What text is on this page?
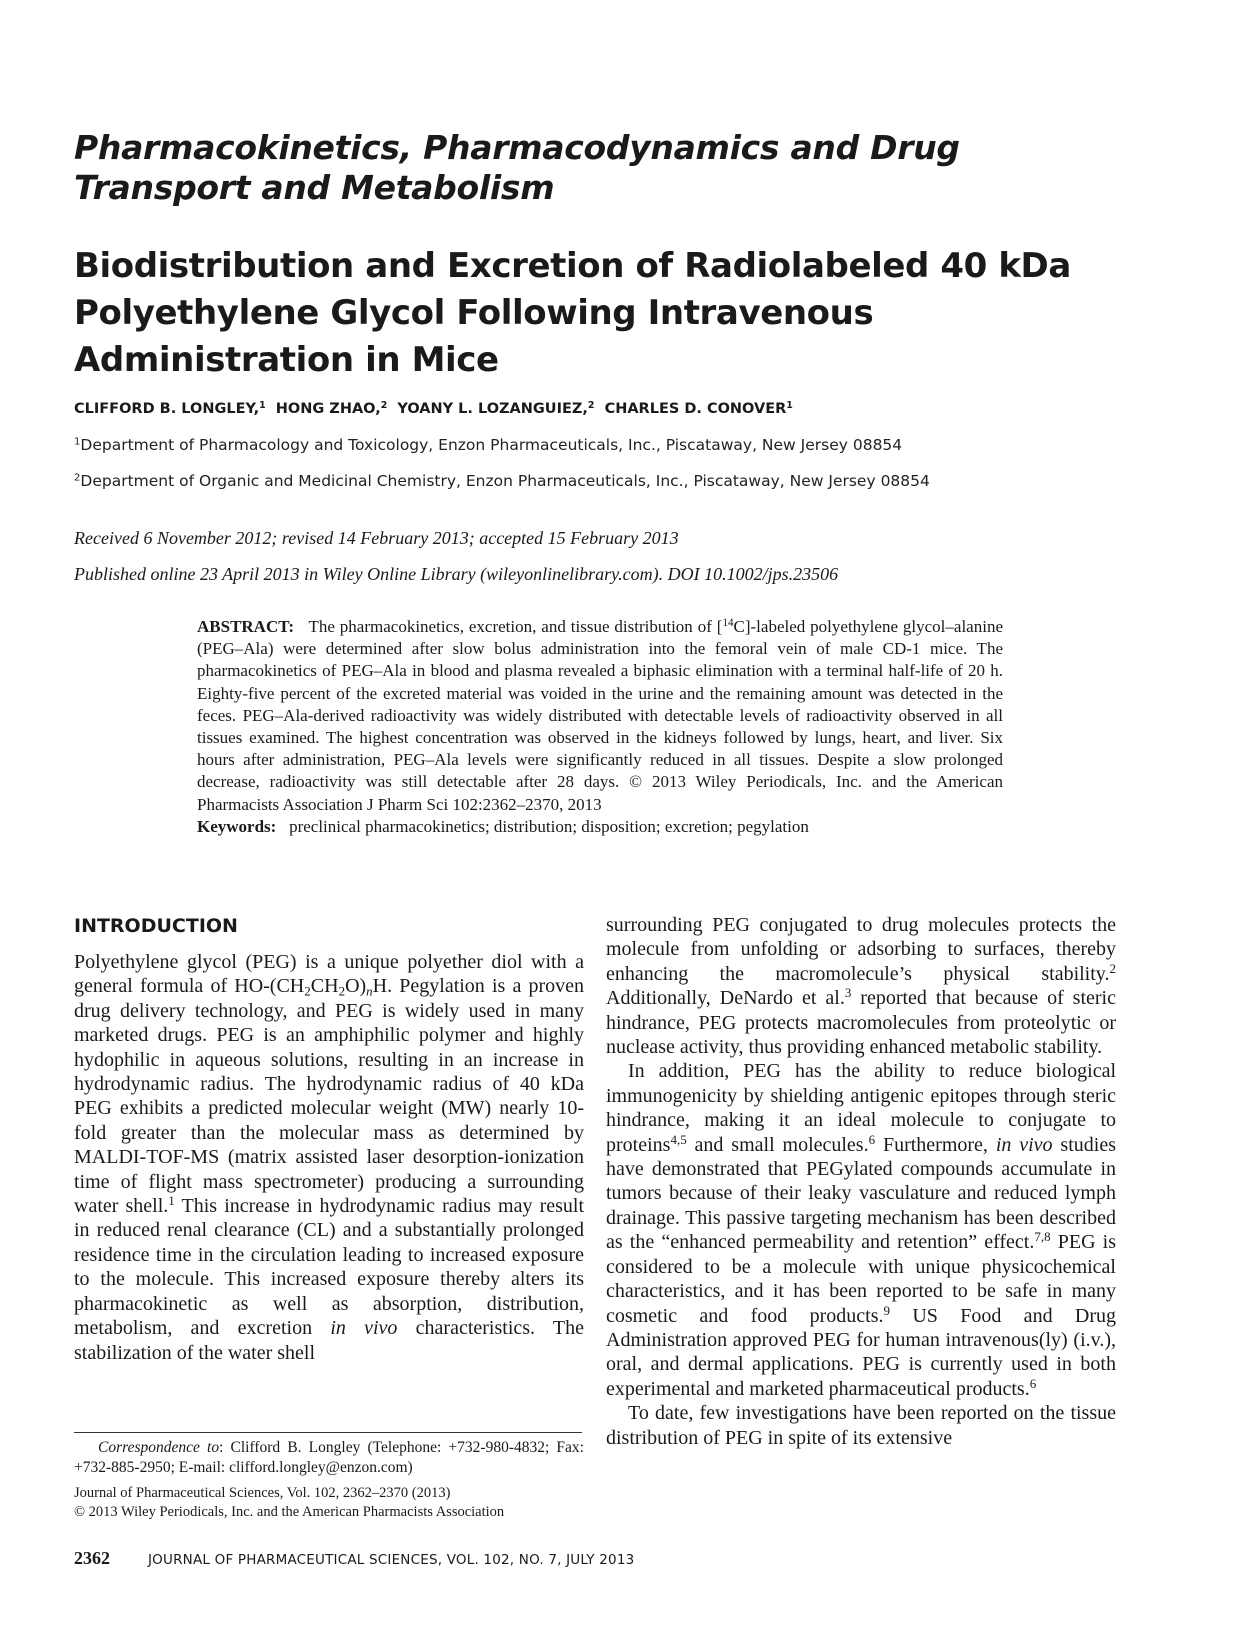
Pharmacokinetics, Pharmacodynamics and Drug Transport and Metabolism
Biodistribution and Excretion of Radiolabeled 40 kDa Polyethylene Glycol Following Intravenous Administration in Mice
CLIFFORD B. LONGLEY,$^1$ HONG ZHAO,$^2$ YOANY L. LOZANGUIEZ,$^2$ CHARLES D. CONOVER$^1$
$^1$Department of Pharmacology and Toxicology, Enzon Pharmaceuticals, Inc., Piscataway, New Jersey 08854
$^2$Department of Organic and Medicinal Chemistry, Enzon Pharmaceuticals, Inc., Piscataway, New Jersey 08854
Received 6 November 2012; revised 14 February 2013; accepted 15 February 2013
Published online 23 April 2013 in Wiley Online Library (wileyonlinelibrary.com). DOI 10.1002/jps.23506
ABSTRACT: The pharmacokinetics, excretion, and tissue distribution of [$^{14}$C]-labeled polyethylene glycol–alanine (PEG–Ala) were determined after slow bolus administration into the femoral vein of male CD-1 mice. The pharmacokinetics of PEG–Ala in blood and plasma revealed a biphasic elimination with a terminal half-life of 20 h. Eighty-five percent of the excreted material was voided in the urine and the remaining amount was detected in the feces. PEG–Ala-derived radioactivity was widely distributed with detectable levels of radioactivity observed in all tissues examined. The highest concentration was observed in the kidneys followed by lungs, heart, and liver. Six hours after administration, PEG–Ala levels were significantly reduced in all tissues. Despite a slow prolonged decrease, radioactivity was still detectable after 28 days. © 2013 Wiley Periodicals, Inc. and the American Pharmacists Association J Pharm Sci 102:2362–2370, 2013
Keywords: preclinical pharmacokinetics; distribution; disposition; excretion; pegylation
INTRODUCTION

Polyethylene glycol (PEG) is a unique polyether diol with a general formula of $HO-(CH_2CH_2O)_nH$. Pegylation is a proven drug delivery technology, and PEG is widely used in many marketed drugs. PEG is an amphiphilic polymer and highly hydophilic in aqueous solutions, resulting in an increase in hydrodynamic radius. The hydrodynamic radius of 40 kDa PEG exhibits a predicted molecular weight (MW) nearly 10-fold greater than the molecular mass as determined by MALDI-TOF-MS (matrix assisted laser desorption-ionization time of flight mass spectrometer) producing a surrounding water shell.$^1$ This increase in hydrodynamic radius may result in reduced renal clearance (CL) and a substantially prolonged residence time in the circulation leading to increased exposure to the molecule. This increased exposure thereby alters its pharmacokinetic as well as absorption, distribution, metabolism, and excretion in vivo characteristics. The stabilization of the water shell

surrounding PEG conjugated to drug molecules protects the molecule from unfolding or adsorbing to surfaces, thereby enhancing the macromolecule’s physical stability.$^2$ Additionally, DeNardo et al.$^3$ reported that because of steric hindrance, PEG protects macromolecules from proteolytic or nuclease activity, thus providing enhanced metabolic stability.

In addition, PEG has the ability to reduce biological immunogenicity by shielding antigenic epitopes through steric hindrance, making it an ideal molecule to conjugate to proteins$^{4,5}$ and small molecules.$^6$ Furthermore, in vivo studies have demonstrated that PEGylated compounds accumulate in tumors because of their leaky vasculature and reduced lymph drainage. This passive targeting mechanism has been described as the “enhanced permeability and retention” effect.$^{7,8}$ PEG is considered to be a molecule with unique physicochemical characteristics, and it has been reported to be safe in many cosmetic and food products.$^9$ US Food and Drug Administration approved PEG for human intravenous(ly) (i.v.), oral, and dermal applications. PEG is currently used in both experimental and marketed pharmaceutical products.$^6$

To date, few investigations have been reported on the tissue distribution of PEG in spite of its extensive

Correspondence to: Clifford B. Longley (Telephone: +732-980-4832; Fax: +732-885-2950; E-mail: clifford.longley@enzon.com)

Journal of Pharmaceutical Sciences, Vol. 102, 2362–2370 (2013)
© 2013 Wiley Periodicals, Inc. and the American Pharmacists Association
2362	JOURNAL OF PHARMACEUTICAL SCIENCES, VOL. 102, NO. 7, JULY 2013
